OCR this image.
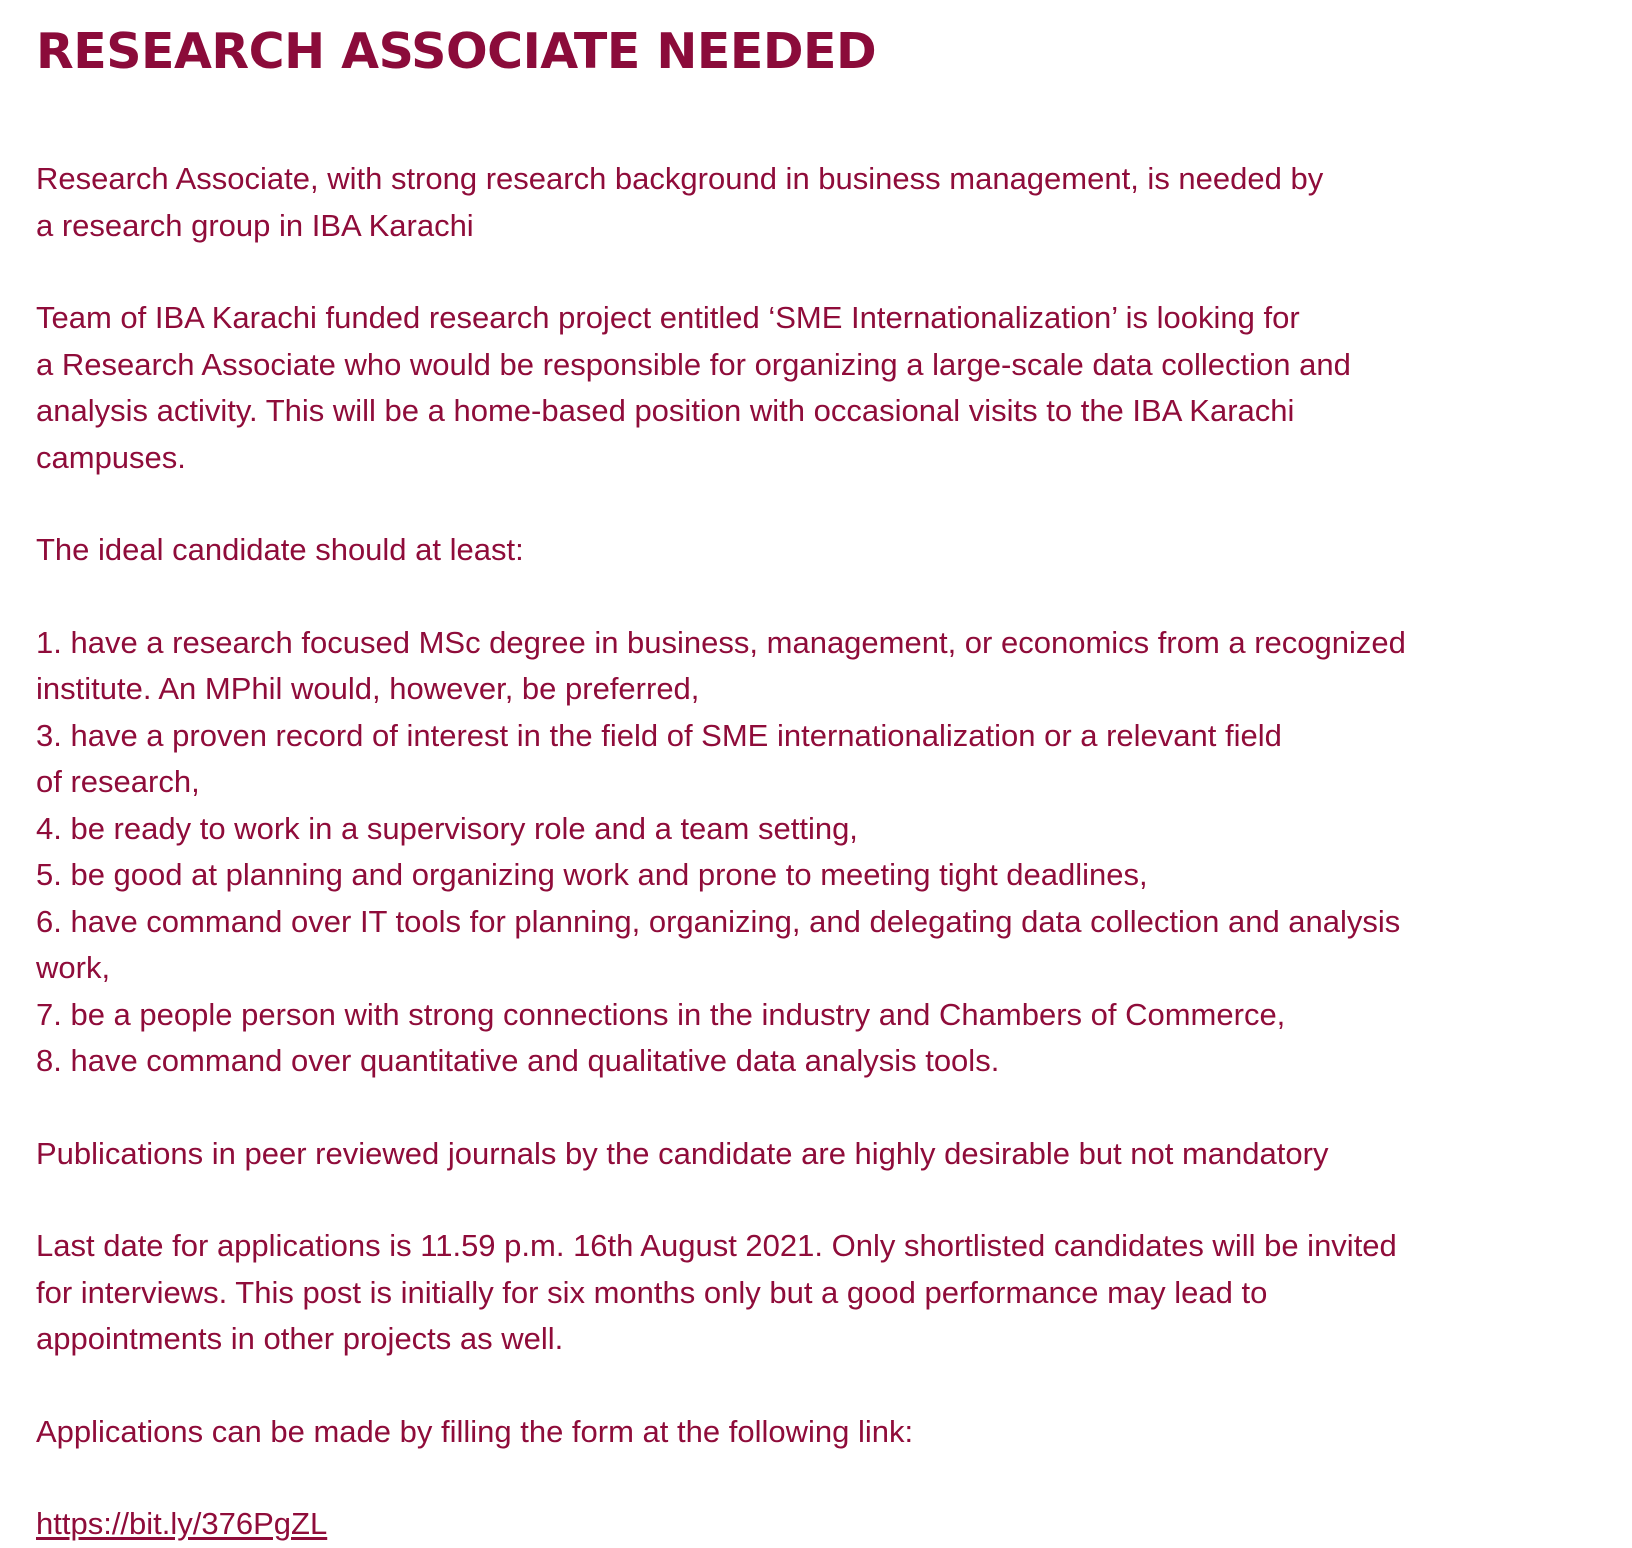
RESEARCH ASSOCIATE NEEDED

Research Associate, with strong research background in business management, is needed by
a research group in IBA Karachi

Team of IBA Karachi funded research project entitled ‘SME Internationalization’ is looking for
a Research Associate who would be responsible for organizing a large-scale data collection and
analysis activity. This will be a home-based position with occasional visits to the IBA Karachi
campuses.

The ideal candidate should at least:

1. have a research focused MSc degree in business, management, or economics from a recognized
institute. An MPhil would, however, be preferred,

3. have a proven record of interest in the field of SME internationalization or a relevant field
of research,

4. be ready to work in a supervisory role and a team setting,

5. be good at planning and organizing work and prone to meeting tight deadlines,

6. have command over IT tools for planning, organizing, and delegating data collection and analysis
work,

7. be a people person with strong connections in the industry and Chambers of Commerce,

8. have command over quantitative and qualitative data analysis tools.

Publications in peer reviewed journals by the candidate are highly desirable but not mandatory

Last date for applications is 11.59 p.m. 16th August 2021. Only shortlisted candidates will be invited
for interviews. This post is initially for six months only but a good performance may lead to
appointments in other projects as well.

Applications can be made by filling the form at the following link:

https://bit.ly/376PgZL
